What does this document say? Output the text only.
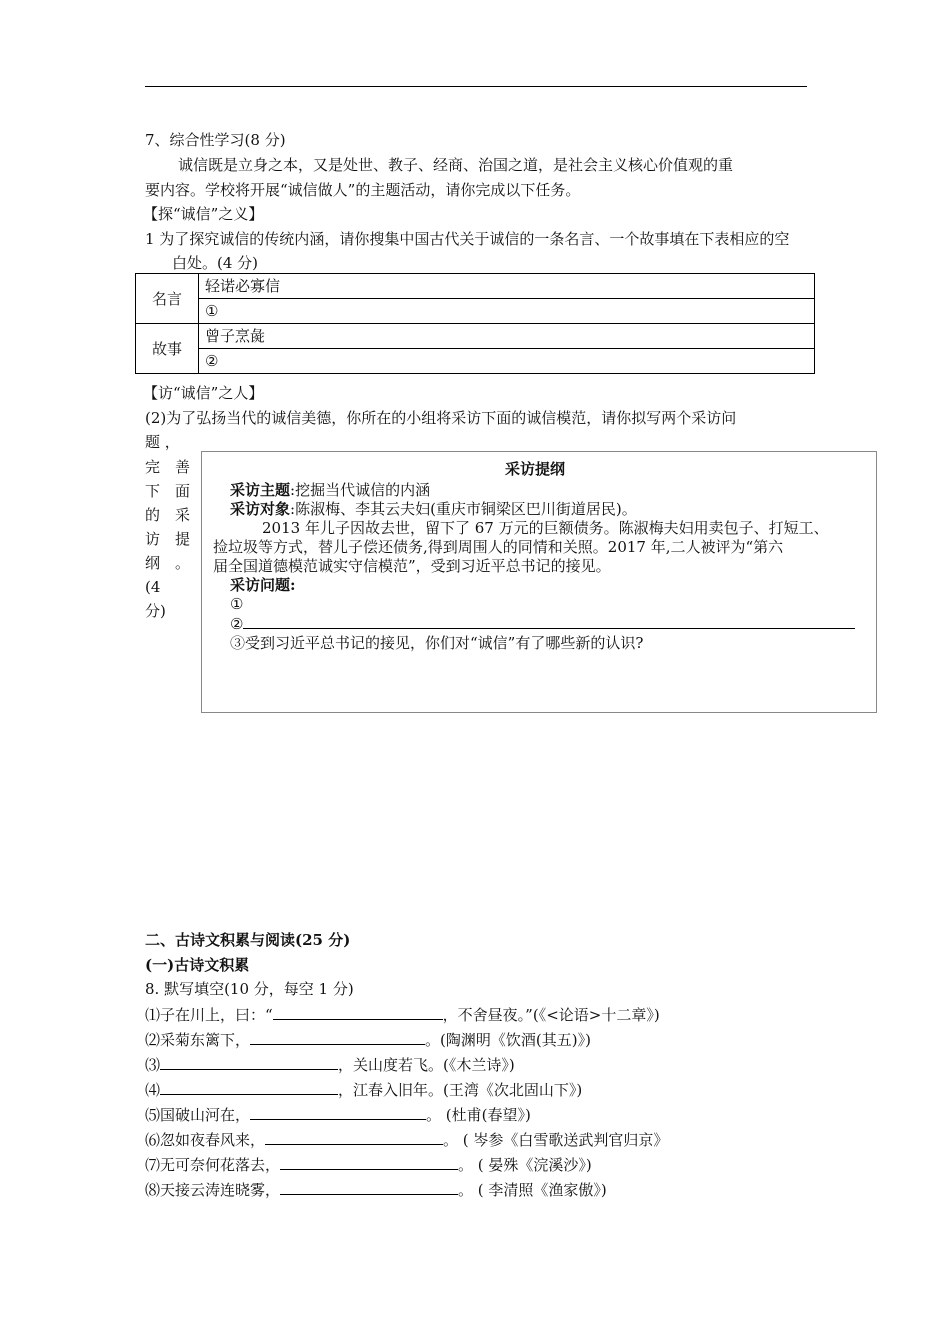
7、综合性学习(8 分)
诚信既是立身之本，又是处世、教子、经商、治国之道，是社会主义核心价值观的重
要内容。学校将开展“诚信做人”的主题活动，请你完成以下任务。
【探“诚信”之义】
1 为了探究诚信的传统内涵，请你搜集中国古代关于诚信的一条名言、一个故事填在下表相应的空
白处。(4 分)
名言	轻诺必寡信
	①
故事	曾子烹彘
	②
【访“诚信”之人】
(2)为了弘扬当代的诚信美德，你所在的小组将采访下面的诚信模范，请你拟写两个采访问
题 ，
完　善
下　面
的　采
访　提
纲　。
(4
分)
采访提纲
采访主题:挖掘当代诚信的内涵
采访对象:陈淑梅、李其云夫妇(重庆市铜梁区巴川街道居民)。
2013 年儿子因故去世，留下了 67 万元的巨额债务。陈淑梅夫妇用卖包子、打短工、
捡垃圾等方式，替儿子偿还债务,得到周围人的同情和关照。2017 年,二人被评为“第六
届全国道德模范诚实守信模范”，受到习近平总书记的接见。
采访问题:
①
②
③受到习近平总书记的接见，你们对“诚信”有了哪些新的认识?
二、古诗文积累与阅读(25 分)
(一)古诗文积累
8. 默写填空(10 分，每空 1 分)
⑴子在川上，曰：“	，不舍昼夜。”(《<论语>十二章》)
⑵采菊东篱下，	。(陶渊明《饮酒(其五)》)
⑶	，关山度若飞。(《木兰诗》)
⑷	，江春入旧年。(王湾《次北固山下》)
⑸国破山河在，	。 (杜甫(春望》)
⑹忽如夜春风来，	。 ( 岑参《白雪歌送武判官归京》
⑺无可奈何花落去，	。 ( 晏殊《浣溪沙》)
⑻天接云涛连晓雾，	。 ( 李清照《渔家傲》)
